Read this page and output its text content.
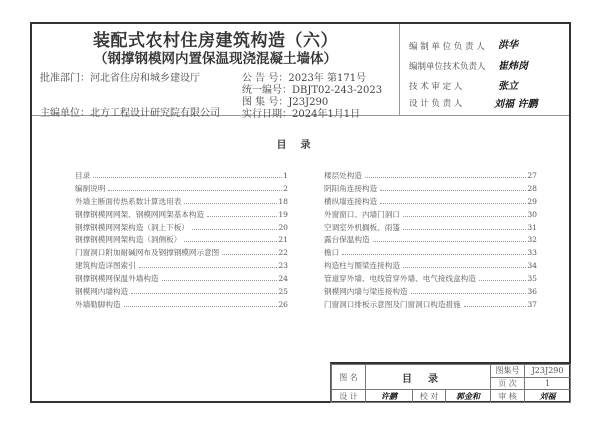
装配式农村住房建筑构造（六）
（钢撑钢模网内置保温现浇混凝土墙体）
批准部门：河北省住房和城乡建设厅
主编单位：北方工程设计研究院有限公司
公 告 号：2023年 第171号
统一编号：DBJT02-243-2023
图 集 号：J23J290
实行日期：2024年1月1日
编 制 单 位 负 责 人 洪华
编制单位技术负责人 崔炜岗
技 术 审 定 人	张立
设 计 负 责 人	刘福 许鹏
目录
目录	1
编制说明	2
外墙主断面传热系数计算选用表	18
钢撑钢模网网架、钢模网网架基本构造	19
钢撑钢模网网架构造（洞上下板）	20
钢撑钢模网网架构造（洞侧板）	21
门窗洞口附加耐碱网布及钢撑钢模网示意图	22
建筑构造详图索引	23
钢撑钢模网保温外墙构造	24
钢模网内墙构造	25
外墙勒脚构造	26
楼层处构造	27
阴阳角连接构造	28
横纵墙连接构造	29
外窗窗口、内墙门洞口	30
空调室外机搁板、雨篷	31
露台保温构造	32
檐口	33
构造柱与圈梁连接构造	34
管道穿外墙、电线管穿外墙、电气接线盒构造	35
钢模网内墙与梁连接构造	36
门窗洞口排板示意图及门窗洞口构造措施	37
图 名	目录			图集号	J23J290
				页 次	1
设 计	许鹏	校 对	郭金和	审 核	刘福
